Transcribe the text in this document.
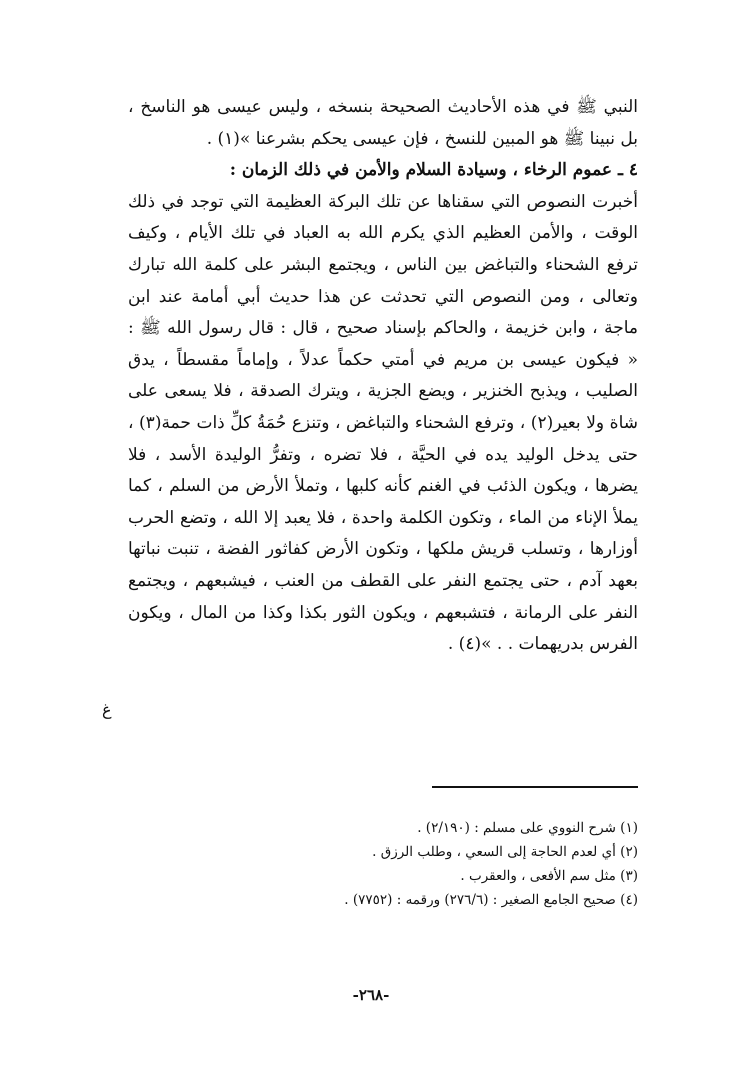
النبي ﷺ في هذه الأحاديث الصحيحة بنسخه ، وليس عيسى هو الناسخ ، بل نبينا ﷺ هو المبين للنسخ ، فإن عيسى يحكم بشرعنا »(١) .

٤ ـ عموم الرخاء ، وسيادة السلام والأمن في ذلك الزمان :

أخبرت النصوص التي سقناها عن تلك البركة العظيمة التي توجد في ذلك الوقت ، والأمن العظيم الذي يكرم الله به العباد في تلك الأيام ، وكيف ترفع الشحناء والتباغض بين الناس ، ويجتمع البشر على كلمة الله تبارك وتعالى ، ومن النصوص التي تحدثت عن هذا حديث أبي أمامة عند ابن ماجة ، وابن خزيمة ، والحاكم بإسناد صحيح ، قال : قال رسول الله ﷺ : « فيكون عيسى بن مريم في أمتي حكماً عدلاً ، وإماماً مقسطاً ، يدق الصليب ، ويذبح الخنزير ، ويضع الجزية ، ويترك الصدقة ، فلا يسعى على شاة ولا بعير(٢) ، وترفع الشحناء والتباغض ، وتنزع حُمَةُ كلِّ ذات حمة(٣) ، حتى يدخل الوليد يده في الحيَّة ، فلا تضره ، وتفرُّ الوليدة الأسد ، فلا يضرها ، ويكون الذئب في الغنم كأنه كلبها ، وتملأ الأرض من السلم ، كما يملأ الإناء من الماء ، وتكون الكلمة واحدة ، فلا يعبد إلا الله ، وتضع الحرب أوزارها ، وتسلب قريش ملكها ، وتكون الأرض كفاثور الفضة ، تنبت نباتها بعهد آدم ، حتى يجتمع النفر على القطف من العنب ، فيشبعهم ، ويجتمع النفر على الرمانة ، فتشبعهم ، ويكون الثور بكذا وكذا من المال ، ويكون الفرس بدريهمات . . »(٤) .

ﻍ

(١) شرح النووي على مسلم : (٢/١٩٠) .

(٢) أي لعدم الحاجة إلى السعي ، وطلب الرزق .

(٣) مثل سم الأفعى ، والعقرب .

(٤) صحيح الجامع الصغير : (٢٧٦/٦) ورقمه : (٧٧٥٢) .

-٢٦٨-
